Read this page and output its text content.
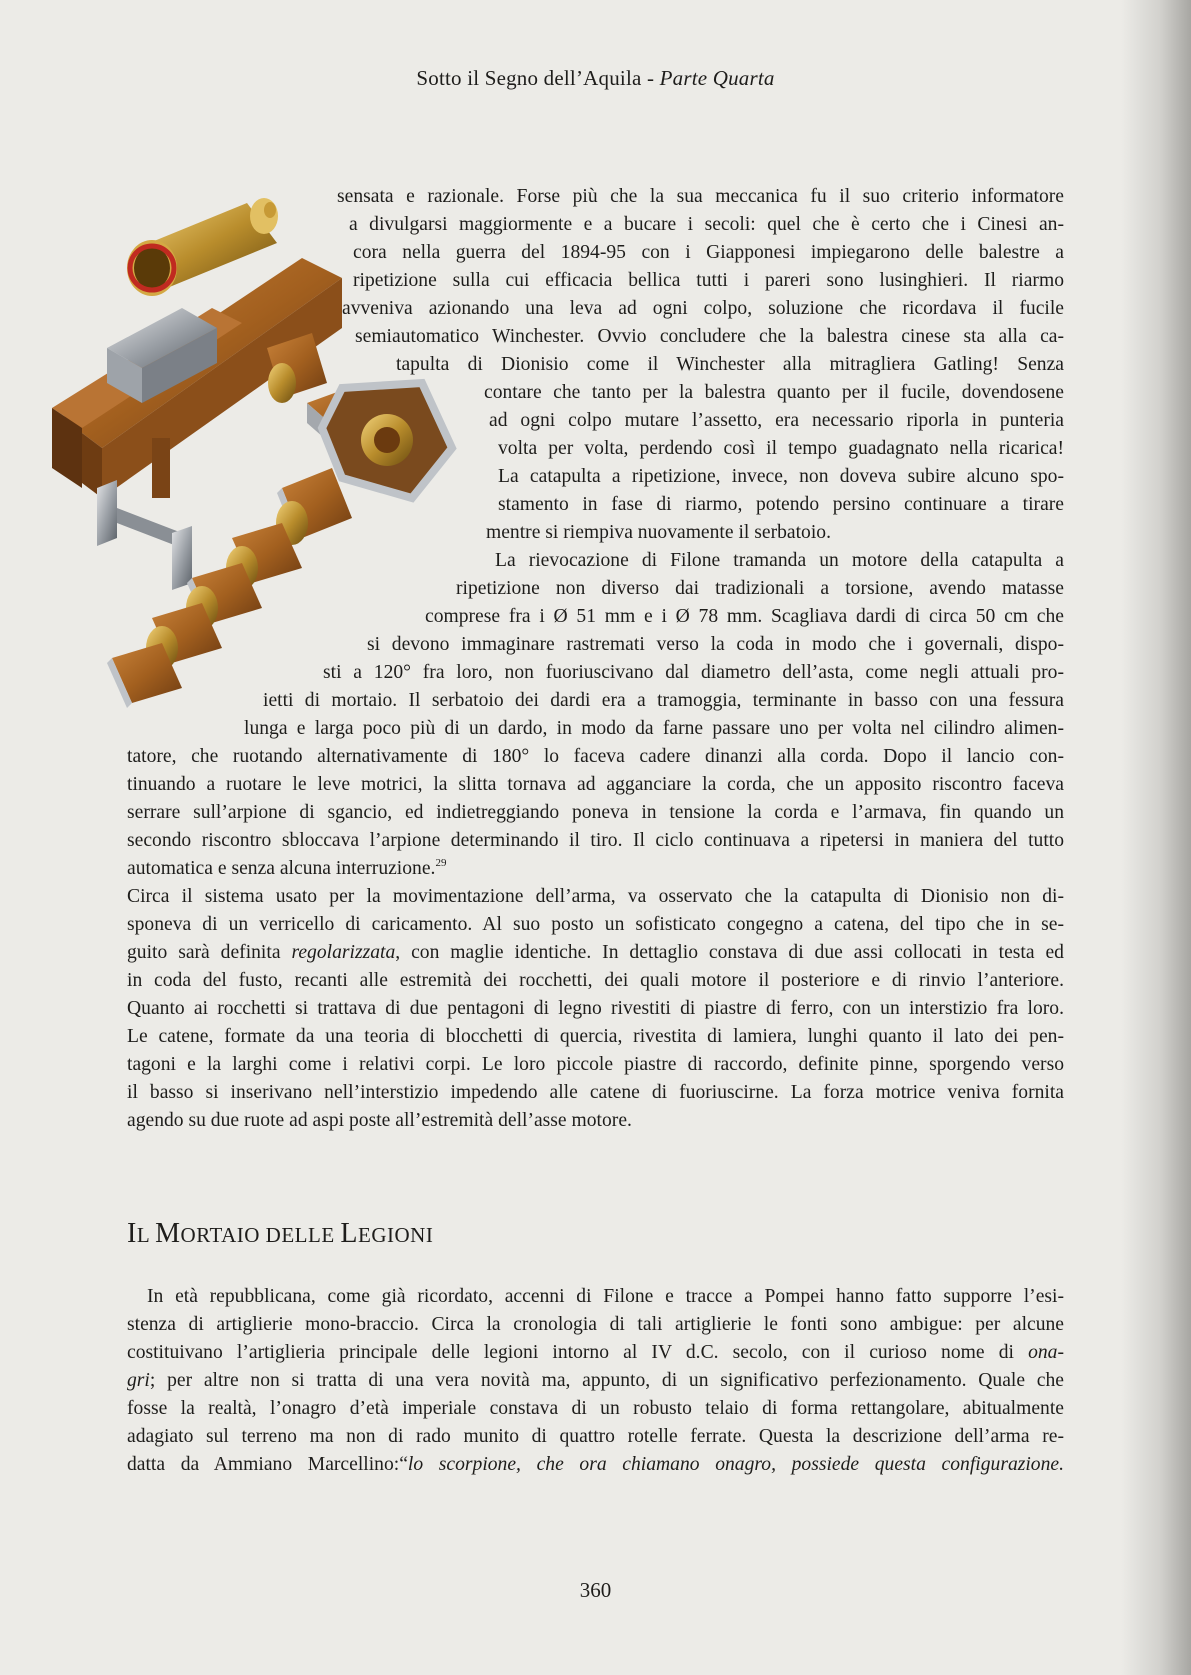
Sotto il Segno dell’Aquila - Parte Quarta
sensata e razionale. Forse più che la sua meccanica fu il suo criterio informatore
a divulgarsi maggiormente e a bucare i secoli: quel che è certo che i Cinesi an-
cora nella guerra del 1894-95 con i Giapponesi impiegarono delle balestre a
ripetizione sulla cui efficacia bellica tutti i pareri sono lusinghieri. Il riarmo
avveniva azionando una leva ad ogni colpo, soluzione che ricordava il fucile
semiautomatico Winchester. Ovvio concludere che la balestra cinese sta alla ca-
tapulta di Dionisio come il Winchester alla mitragliera Gatling! Senza
contare che tanto per la balestra quanto per il fucile, dovendosene
ad ogni colpo mutare l’assetto, era necessario riporla in punteria
volta per volta, perdendo così il tempo guadagnato nella ricarica!
La catapulta a ripetizione, invece, non doveva subire alcuno spo-
stamento in fase di riarmo, potendo persino continuare a tirare
mentre si riempiva nuovamente il serbatoio.
La rievocazione di Filone tramanda un motore della catapulta a
ripetizione non diverso dai tradizionali a torsione, avendo matasse
comprese fra i Ø 51 mm e i Ø 78 mm. Scagliava dardi di circa 50 cm che
si devono immaginare rastremati verso la coda in modo che i governali, dispo-
sti a 120° fra loro, non fuoriuscivano dal diametro dell’asta, come negli attuali pro-
ietti di mortaio. Il serbatoio dei dardi era a tramoggia, terminante in basso con una fessura
lunga e larga poco più di un dardo, in modo da farne passare uno per volta nel cilindro alimen-
tatore, che ruotando alternativamente di 180° lo faceva cadere dinanzi alla corda. Dopo il lancio con-
tinuando a ruotare le leve motrici, la slitta tornava ad agganciare la corda, che un apposito riscontro faceva
serrare sull’arpione di sgancio, ed indietreggiando poneva in tensione la corda e l’armava, fin quando un
secondo riscontro sbloccava l’arpione determinando il tiro. Il ciclo continuava a ripetersi in maniera del tutto
automatica e senza alcuna interruzione.$^{29}$
Circa il sistema usato per la movimentazione dell’arma, va osservato che la catapulta di Dionisio non di-
sponeva di un verricello di caricamento. Al suo posto un sofisticato congegno a catena, del tipo che in se-
guito sarà definita regolarizzata, con maglie identiche. In dettaglio constava di due assi collocati in testa ed
in coda del fusto, recanti alle estremità dei rocchetti, dei quali motore il posteriore e di rinvio l’anteriore.
Quanto ai rocchetti si trattava di due pentagoni di legno rivestiti di piastre di ferro, con un interstizio fra loro.
Le catene, formate da una teoria di blocchetti di quercia, rivestita di lamiera, lunghi quanto il lato dei pen-
tagoni e la larghi come i relativi corpi. Le loro piccole piastre di raccordo, definite pinne, sporgendo verso
il basso si inserivano nell’interstizio impedendo alle catene di fuoriuscirne. La forza motrice veniva fornita
agendo su due ruote ad aspi poste all’estremità dell’asse motore.
IL MORTAIO DELLE LEGIONI
In età repubblicana, come già ricordato, accenni di Filone e tracce a Pompei hanno fatto supporre l’esi-
stenza di artiglierie mono-braccio. Circa la cronologia di tali artiglierie le fonti sono ambigue: per alcune
costituivano l’artiglieria principale delle legioni intorno al IV d.C. secolo, con il curioso nome di ona-
gri; per altre non si tratta di una vera novità ma, appunto, di un significativo perfezionamento. Quale che
fosse la realtà, l’onagro d’età imperiale constava di un robusto telaio di forma rettangolare, abitualmente
adagiato sul terreno ma non di rado munito di quattro rotelle ferrate. Questa la descrizione dell’arma re-
datta da Ammiano Marcellino:“lo scorpione, che ora chiamano onagro, possiede questa configurazione.
360
